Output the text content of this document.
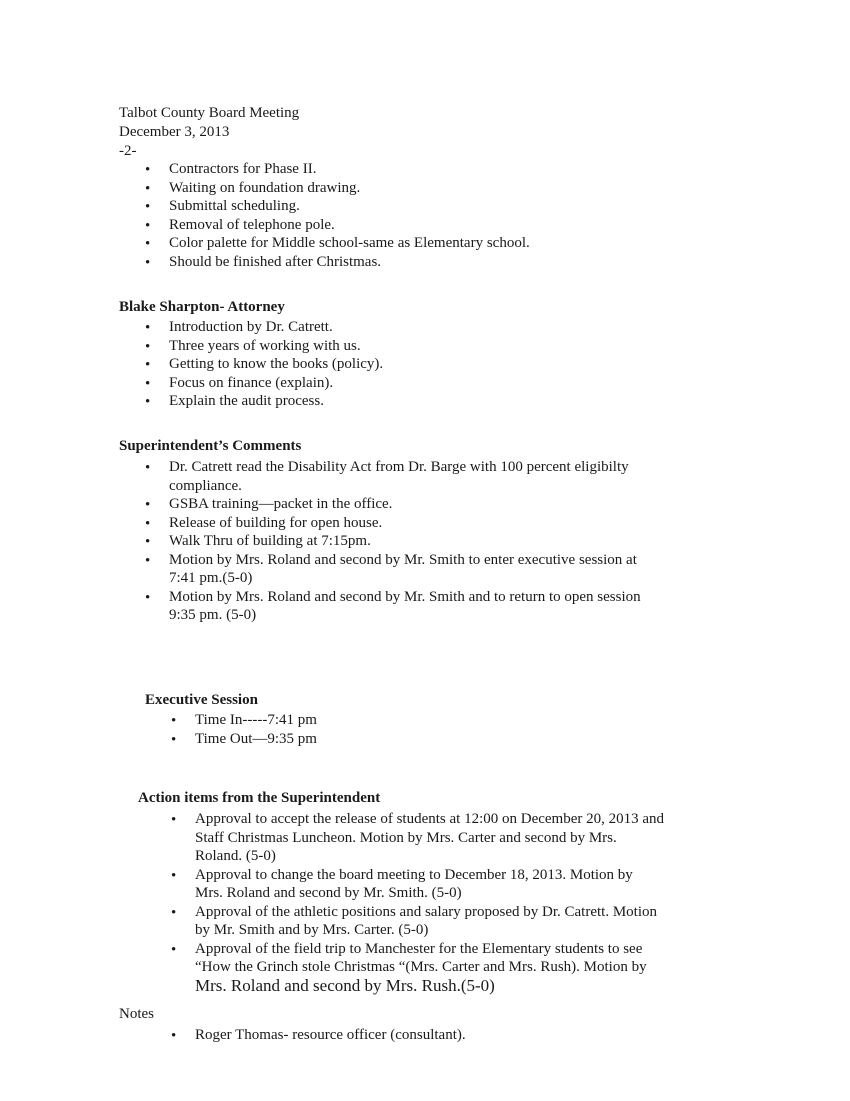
Talbot County Board Meeting
December 3, 2013
-2-
• Contractors for Phase II.
• Waiting on foundation drawing.
• Submittal scheduling.
• Removal of telephone pole.
• Color palette for Middle school-same as Elementary school.
• Should be finished after Christmas.
Blake Sharpton- Attorney
• Introduction by Dr. Catrett.
• Three years of working with us.
• Getting to know the books (policy).
• Focus on finance (explain).
• Explain the audit process.
Superintendent’s Comments
• Dr. Catrett read the Disability Act from Dr. Barge with 100 percent eligibilty
compliance.
• GSBA training—packet in the office.
• Release of building for open house.
• Walk Thru of building at 7:15pm.
• Motion by Mrs. Roland and second by Mr. Smith to enter executive session at
7:41 pm.(5-0)
• Motion by Mrs. Roland and second by Mr. Smith and to return to open session
9:35 pm. (5-0)
Executive Session
• Time In-----7:41 pm
• Time Out—9:35 pm
Action items from the Superintendent
• Approval to accept the release of students at 12:00 on December 20, 2013 and
Staff Christmas Luncheon. Motion by Mrs. Carter and second by Mrs.
Roland. (5-0)
• Approval to change the board meeting to December 18, 2013. Motion by
Mrs. Roland and second by Mr. Smith. (5-0)
• Approval of the athletic positions and salary proposed by Dr. Catrett. Motion
by Mr. Smith and by Mrs. Carter. (5-0)
• Approval of the field trip to Manchester for the Elementary students to see
“How the Grinch stole Christmas “(Mrs. Carter and Mrs. Rush). Motion by
Mrs. Roland and second by Mrs. Rush.(5-0)
Notes
• Roger Thomas- resource officer (consultant).
